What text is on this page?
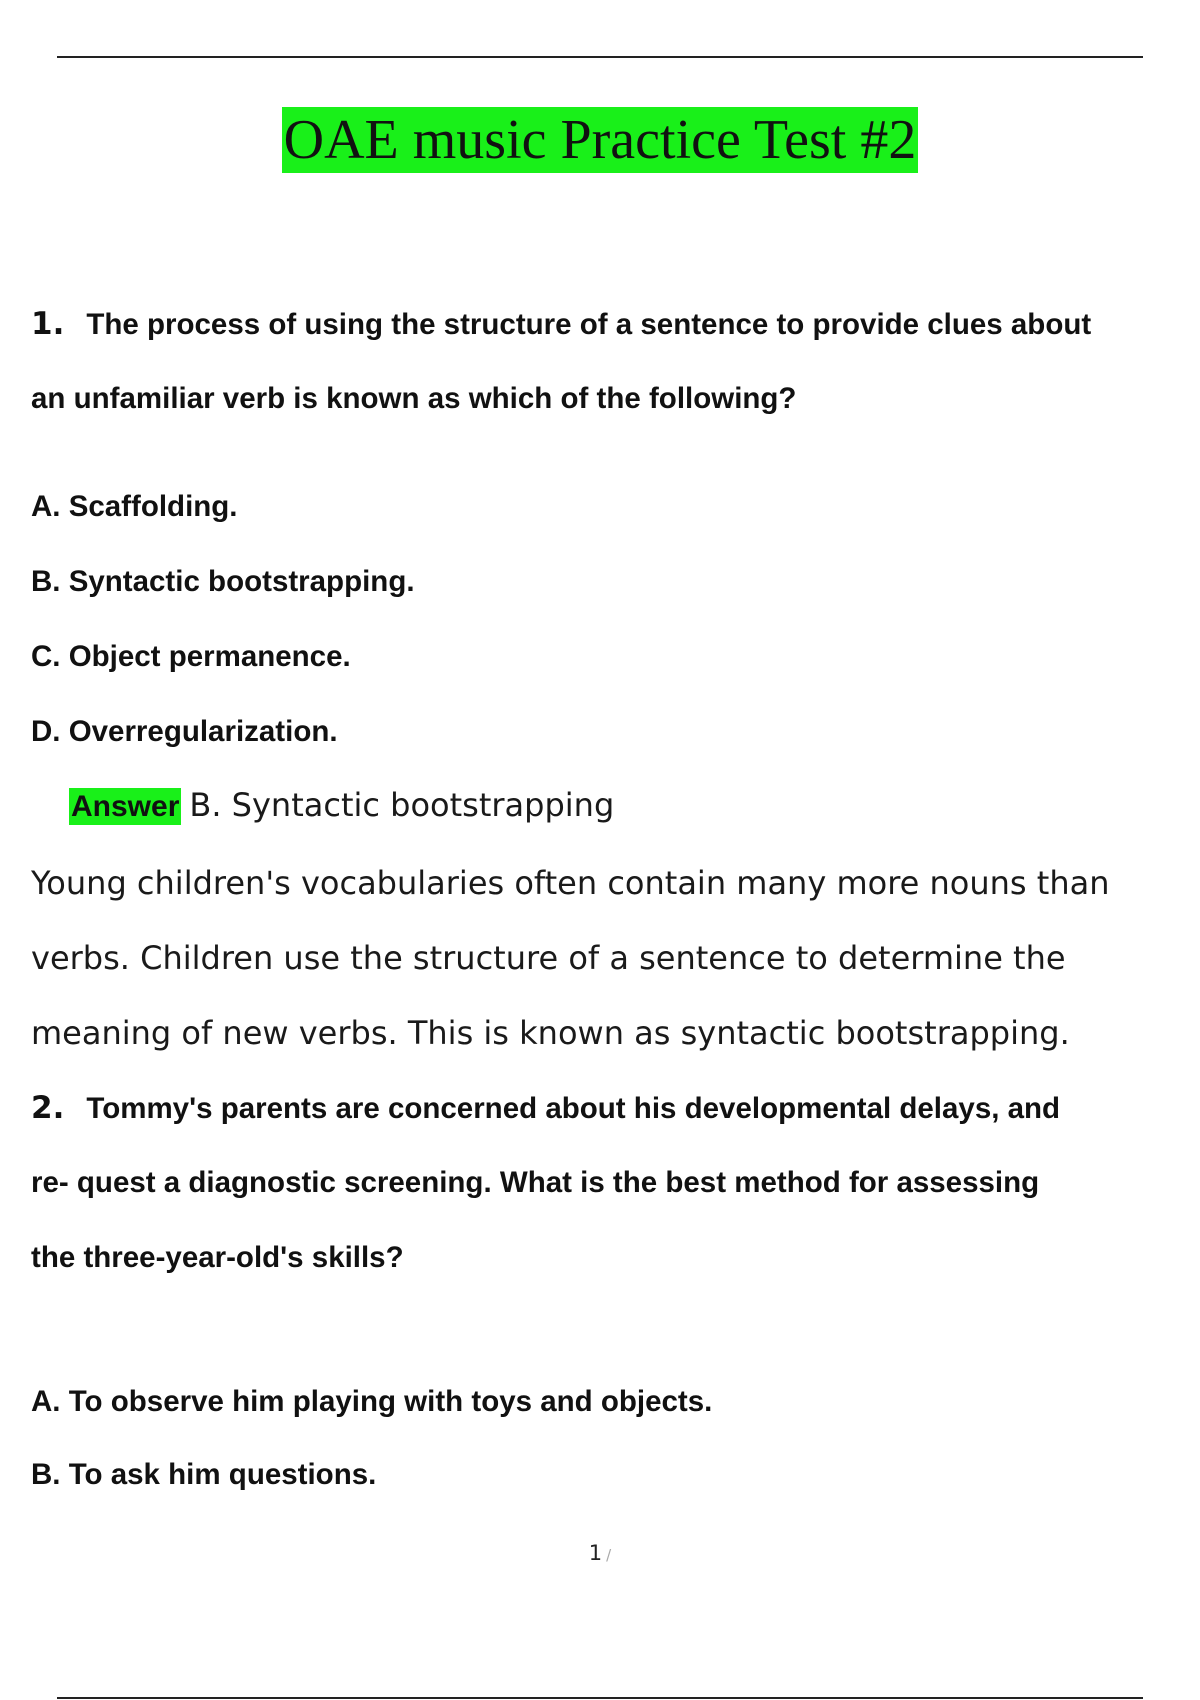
OAE music Practice Test #2
1. The process of using the structure of a sentence to provide clues about
an unfamiliar verb is known as which of the following?
A. Scaffolding.
B. Syntactic bootstrapping.
C. Object permanence.
D. Overregularization.
Answer B. Syntactic bootstrapping
Young children's vocabularies often contain many more nouns than
verbs. Children use the structure of a sentence to determine the
meaning of new verbs. This is known as syntactic bootstrapping.
2. Tommy's parents are concerned about his developmental delays, and
re- quest a diagnostic screening. What is the best method for assessing
the three-year-old's skills?
A. To observe him playing with toys and objects.
B. To ask him questions.
1 /
